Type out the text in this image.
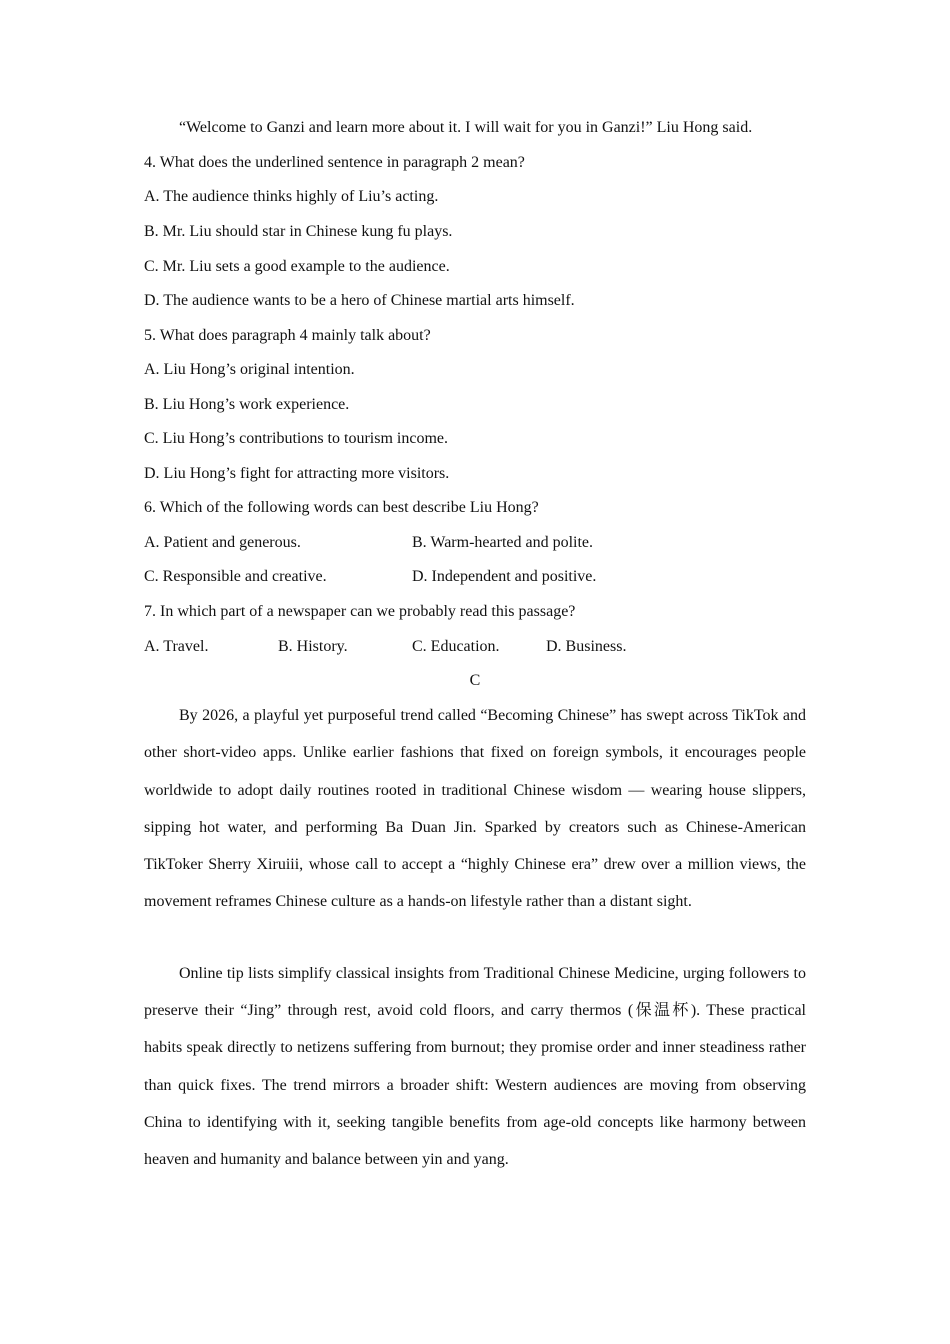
“Welcome to Ganzi and learn more about it. I will wait for you in Ganzi!” Liu Hong said.
4. What does the underlined sentence in paragraph 2 mean?
A. The audience thinks highly of Liu’s acting.
B. Mr. Liu should star in Chinese kung fu plays.
C. Mr. Liu sets a good example to the audience.
D. The audience wants to be a hero of Chinese martial arts himself.
5. What does paragraph 4 mainly talk about?
A. Liu Hong’s original intention.
B. Liu Hong’s work experience.
C. Liu Hong’s contributions to tourism income.
D. Liu Hong’s fight for attracting more visitors.
6. Which of the following words can best describe Liu Hong?
A. Patient and generous.	B. Warm-hearted and polite.
C. Responsible and creative.	D. Independent and positive.
7. In which part of a newspaper can we probably read this passage?
A. Travel.	B. History.	C. Education.	D. Business.
C
By 2026, a playful yet purposeful trend called “Becoming Chinese” has swept across TikTok and other short-video apps. Unlike earlier fashions that fixed on foreign symbols, it encourages people worldwide to adopt daily routines rooted in traditional Chinese wisdom — wearing house slippers, sipping hot water, and performing Ba Duan Jin. Sparked by creators such as Chinese-American TikToker Sherry Xiruiii, whose call to accept a “highly Chinese era” drew over a million views, the movement reframes Chinese culture as a hands-on lifestyle rather than a distant sight.
Online tip lists simplify classical insights from Traditional Chinese Medicine, urging followers to preserve their “Jing” through rest, avoid cold floors, and carry thermos (保温杯). These practical habits speak directly to netizens suffering from burnout; they promise order and inner steadiness rather than quick fixes. The trend mirrors a broader shift: Western audiences are moving from observing China to identifying with it, seeking tangible benefits from age-old concepts like harmony between heaven and humanity and balance between yin and yang.
